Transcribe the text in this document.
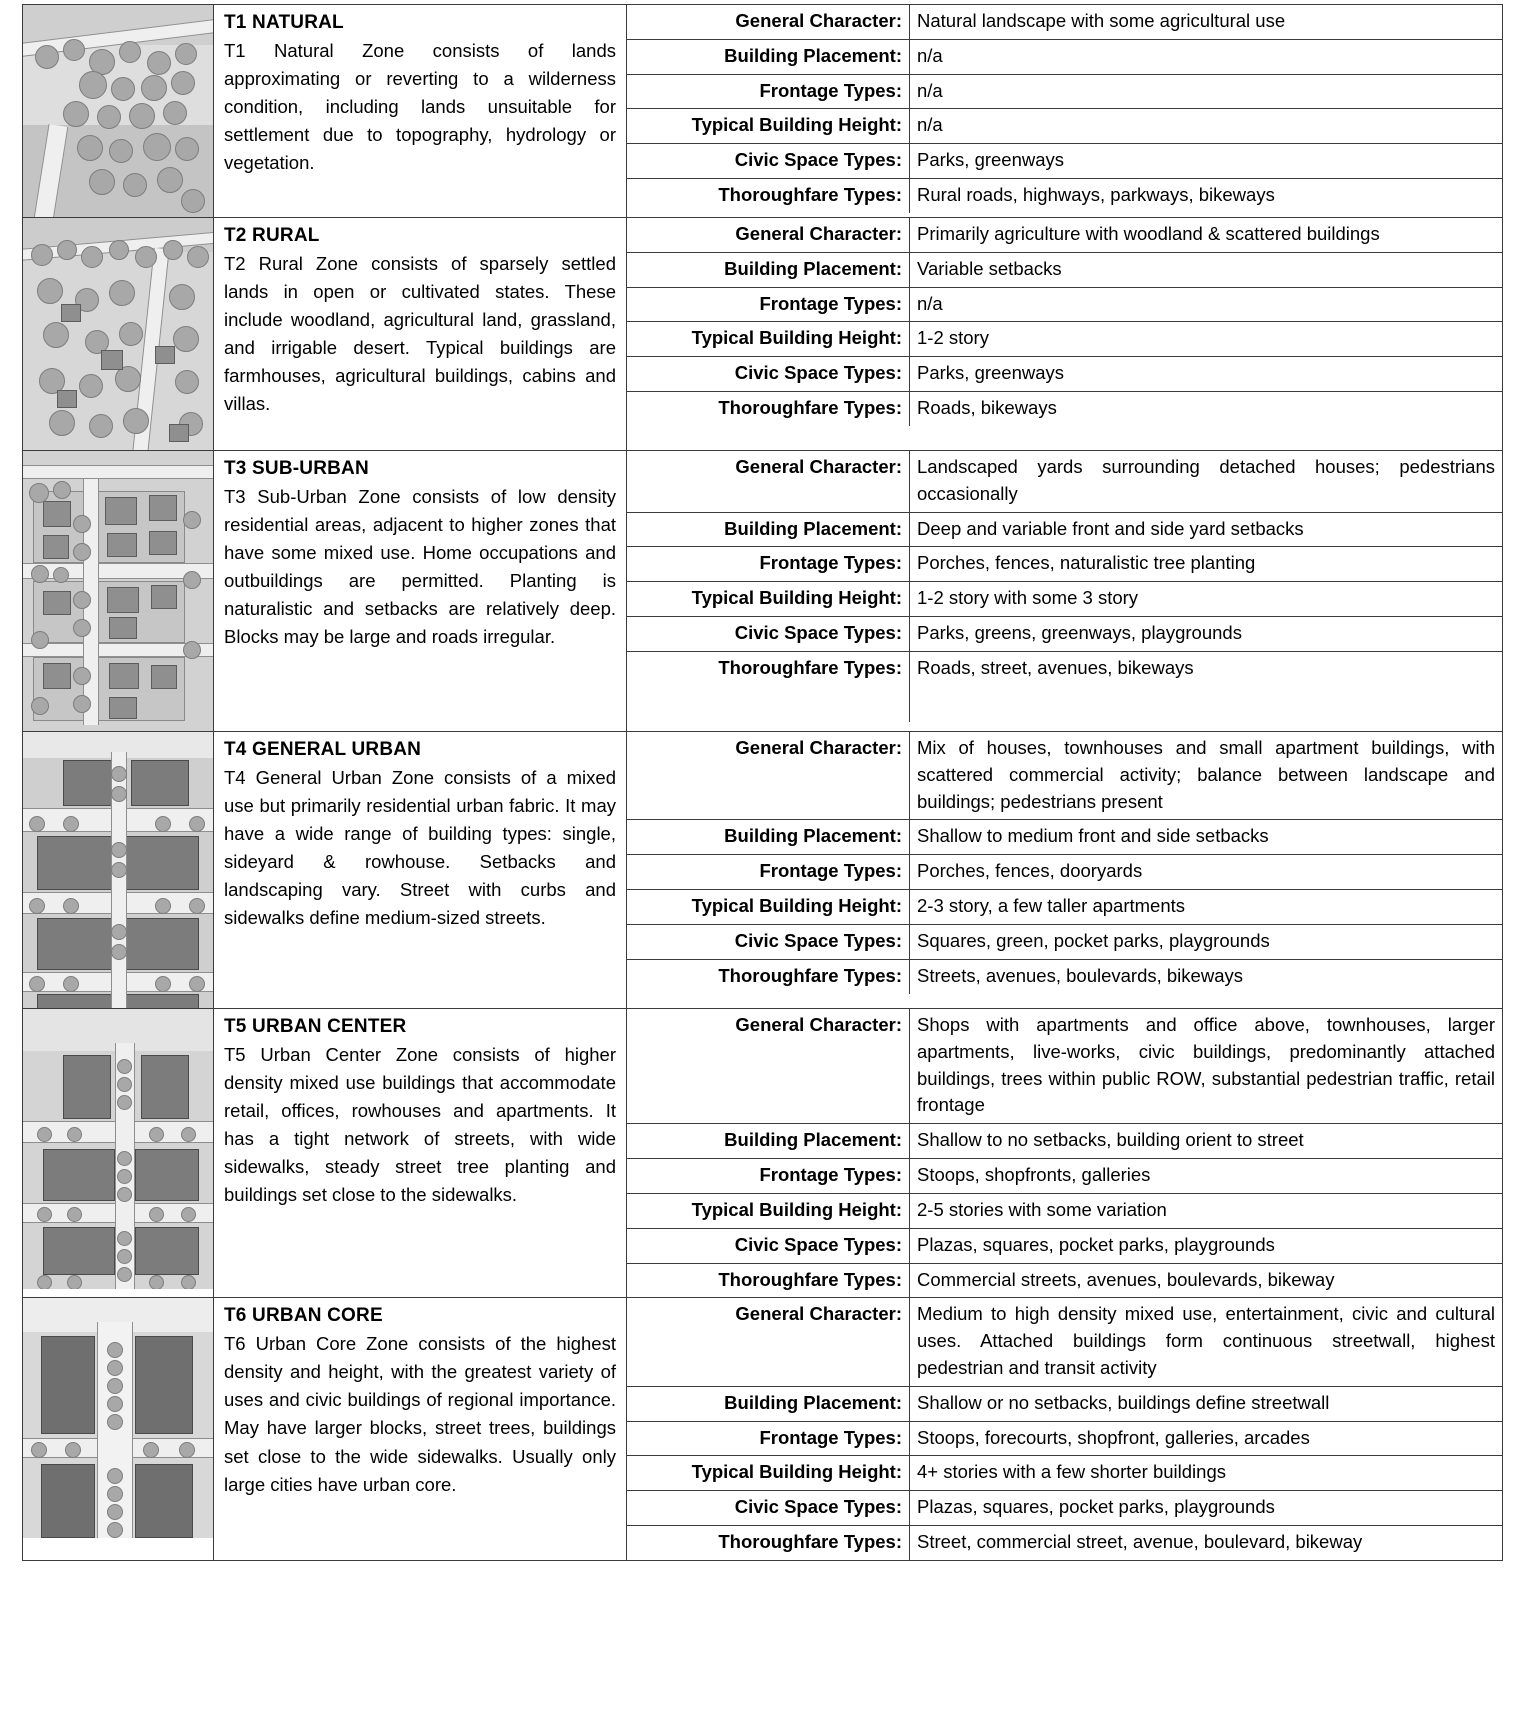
T1 NATURAL
T1 Natural Zone consists of lands approximating or reverting to a wilderness condition, including lands unsuitable for settlement due to topography, hydrology or vegetation.

General Character:	Natural landscape with some agricultural use
Building Placement:	n/a
Frontage Types:	n/a
Typical Building Height:	n/a
Civic Space Types:	Parks, greenways
Thoroughfare Types:	Rural roads, highways, parkways, bikeways

T2 RURAL
T2 Rural Zone consists of sparsely settled lands in open or cultivated states. These include woodland, agricultural land, grassland, and irrigable desert. Typical buildings are farmhouses, agricultural buildings, cabins and villas.

General Character:	Primarily agriculture with woodland & scattered buildings
Building Placement:	Variable setbacks
Frontage Types:	n/a
Typical Building Height:	1-2 story
Civic Space Types:	Parks, greenways
Thoroughfare Types:	Roads, bikeways

T3 SUB-URBAN
T3 Sub-Urban Zone consists of low density residential areas, adjacent to higher zones that have some mixed use. Home occupations and outbuildings are permitted. Planting is naturalistic and setbacks are relatively deep. Blocks may be large and roads irregular.

General Character:	Landscaped yards surrounding detached houses; pedestrians occasionally
Building Placement:	Deep and variable front and side yard setbacks
Frontage Types:	Porches, fences, naturalistic tree planting
Typical Building Height:	1-2 story with some 3 story
Civic Space Types:	Parks, greens, greenways, playgrounds
Thoroughfare Types:	Roads, street, avenues, bikeways

T4 GENERAL URBAN
T4 General Urban Zone consists of a mixed use but primarily residential urban fabric. It may have a wide range of building types: single, sideyard & rowhouse. Setbacks and landscaping vary. Street with curbs and sidewalks define medium-sized streets.

General Character:	Mix of houses, townhouses and small apartment buildings, with scattered commercial activity; balance between landscape and buildings; pedestrians present
Building Placement:	Shallow to medium front and side setbacks
Frontage Types:	Porches, fences, dooryards
Typical Building Height:	2-3 story, a few taller apartments
Civic Space Types:	Squares, green, pocket parks, playgrounds
Thoroughfare Types:	Streets, avenues, boulevards, bikeways

T5 URBAN CENTER
T5 Urban Center Zone consists of higher density mixed use buildings that accommodate retail, offices, rowhouses and apartments. It has a tight network of streets, with wide sidewalks, steady street tree planting and buildings set close to the sidewalks.

General Character:	Shops with apartments and office above, townhouses, larger apartments, live-works, civic buildings, predominantly attached buildings, trees within public ROW, substantial pedestrian traffic, retail frontage
Building Placement:	Shallow to no setbacks, building orient to street
Frontage Types:	Stoops, shopfronts, galleries
Typical Building Height:	2-5 stories with some variation
Civic Space Types:	Plazas, squares, pocket parks, playgrounds
Thoroughfare Types:	Commercial streets, avenues, boulevards, bikeway

T6 URBAN CORE
T6 Urban Core Zone consists of the highest density and height, with the greatest variety of uses and civic buildings of regional importance. May have larger blocks, street trees, buildings set close to the wide sidewalks. Usually only large cities have urban core.

General Character:	Medium to high density mixed use, entertainment, civic and cultural uses. Attached buildings form continuous streetwall, highest pedestrian and transit activity
Building Placement:	Shallow or no setbacks, buildings define streetwall
Frontage Types:	Stoops, forecourts, shopfront, galleries, arcades
Typical Building Height:	4+ stories with a few shorter buildings
Civic Space Types:	Plazas, squares, pocket parks, playgrounds
Thoroughfare Types:	Street, commercial street, avenue, boulevard, bikeway
